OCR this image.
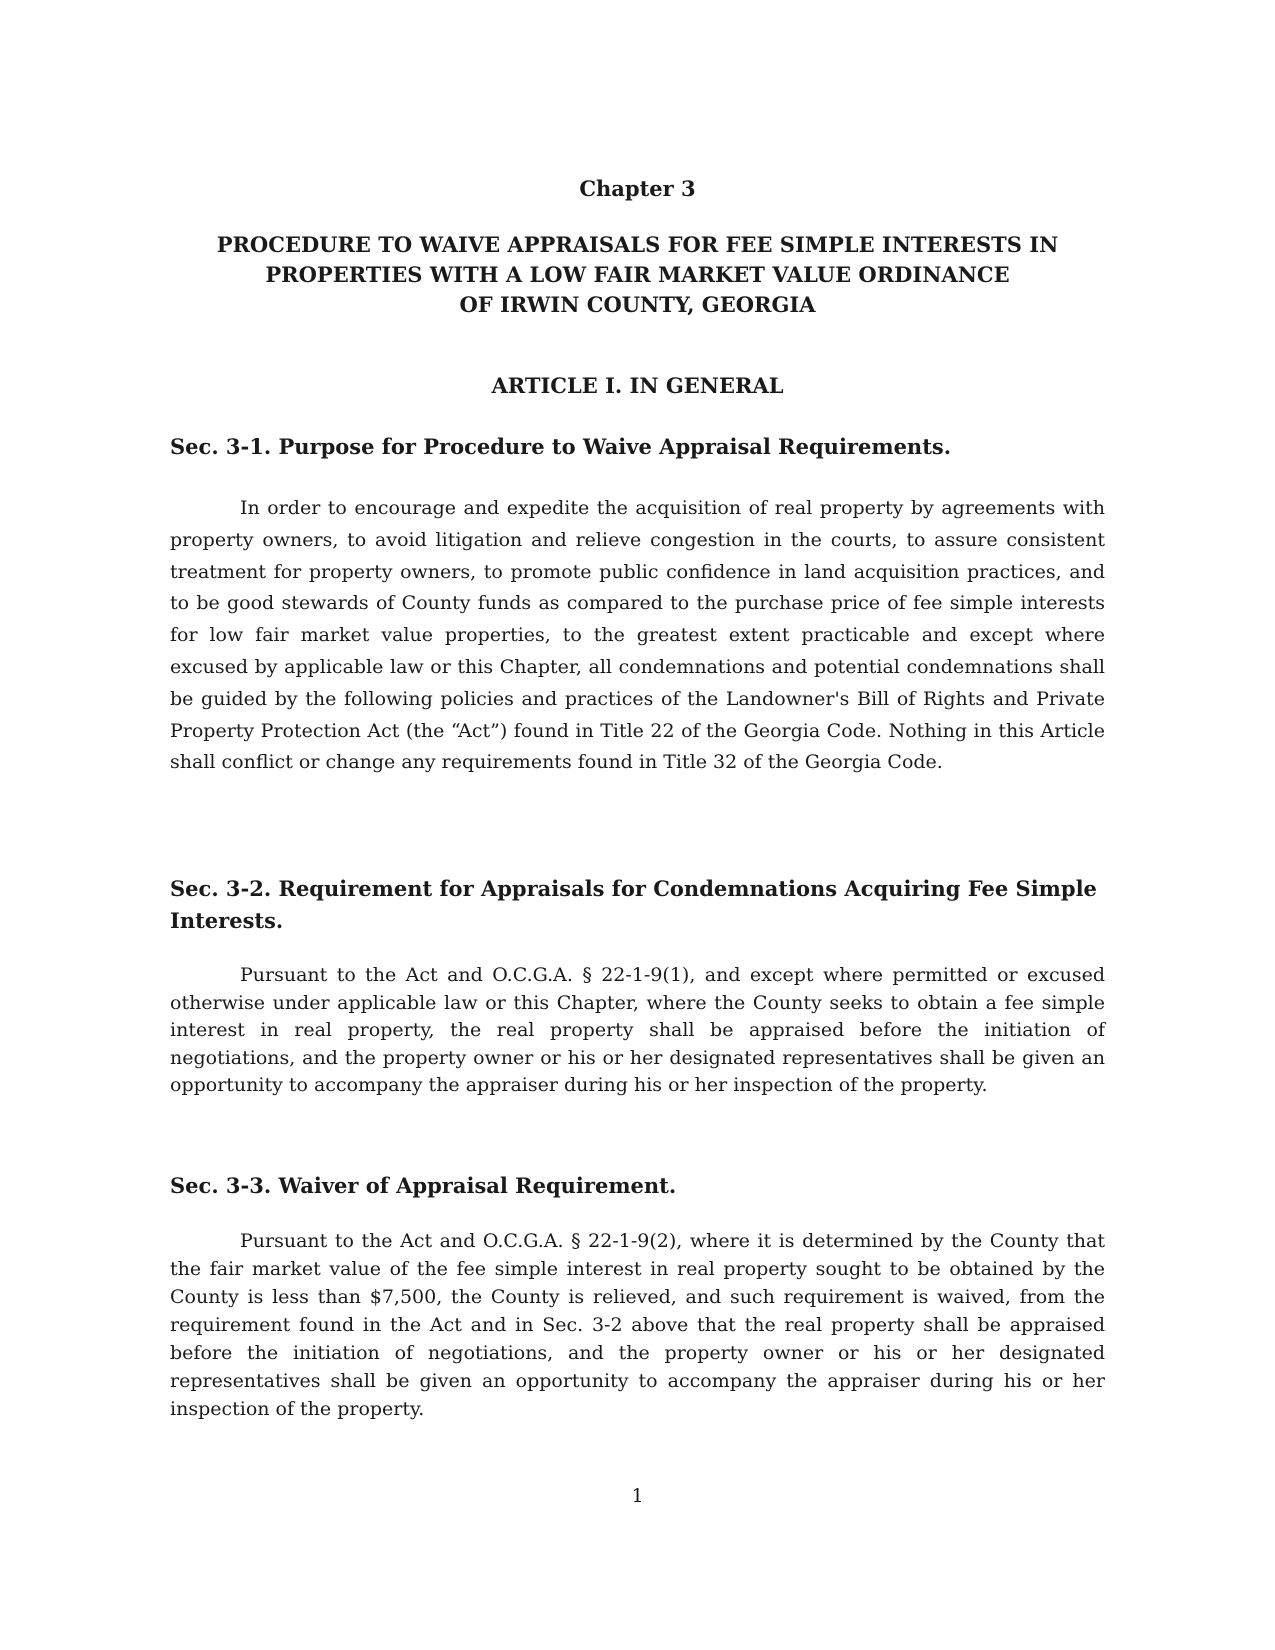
Chapter 3
PROCEDURE TO WAIVE APPRAISALS FOR FEE SIMPLE INTERESTS IN
PROPERTIES WITH A LOW FAIR MARKET VALUE ORDINANCE
OF IRWIN COUNTY, GEORGIA
ARTICLE I. IN GENERAL
Sec. 3-1. Purpose for Procedure to Waive Appraisal Requirements.

In order to encourage and expedite the acquisition of real property by agreements with property owners, to avoid litigation and relieve congestion in the courts, to assure consistent treatment for property owners, to promote public confidence in land acquisition practices, and to be good stewards of County funds as compared to the purchase price of fee simple interests for low fair market value properties, to the greatest extent practicable and except where excused by applicable law or this Chapter, all condemnations and potential condemnations shall be guided by the following policies and practices of the Landowner's Bill of Rights and Private Property Protection Act (the “Act”) found in Title 22 of the Georgia Code. Nothing in this Article shall conflict or change any requirements found in Title 32 of the Georgia Code.

Sec. 3-2. Requirement for Appraisals for Condemnations Acquiring Fee Simple Interests.

Pursuant to the Act and O.C.G.A. § 22-1-9(1), and except where permitted or excused otherwise under applicable law or this Chapter, where the County seeks to obtain a fee simple interest in real property, the real property shall be appraised before the initiation of negotiations, and the property owner or his or her designated representatives shall be given an opportunity to accompany the appraiser during his or her inspection of the property.

Sec. 3-3. Waiver of Appraisal Requirement.

Pursuant to the Act and O.C.G.A. § 22-1-9(2), where it is determined by the County that the fair market value of the fee simple interest in real property sought to be obtained by the County is less than $7,500, the County is relieved, and such requirement is waived, from the requirement found in the Act and in Sec. 3-2 above that the real property shall be appraised before the initiation of negotiations, and the property owner or his or her designated representatives shall be given an opportunity to accompany the appraiser during his or her inspection of the property.

1
